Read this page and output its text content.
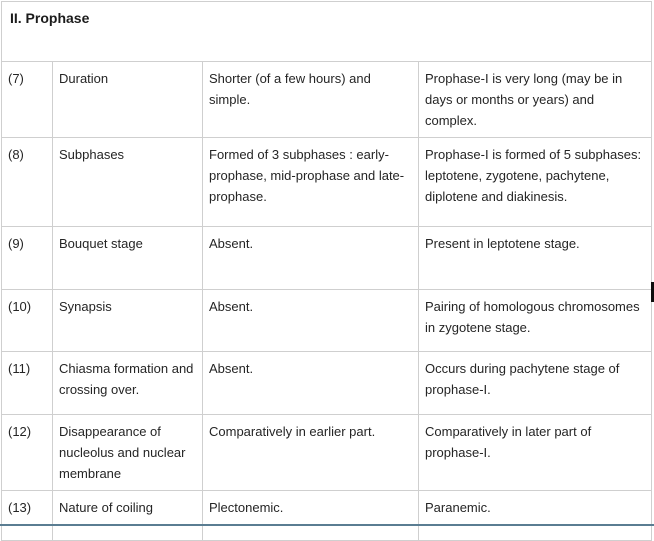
II. Prophase			
(7)	Duration	Shorter (of a few hours) and simple.	Prophase-I is very long (may be in days or months or years) and complex.
(8)	Subphases	Formed of 3 subphases : early-prophase, mid-prophase and late-prophase.	Prophase-I is formed of 5 subphases: leptotene, zygotene, pachytene, diplotene and diakinesis.
(9)	Bouquet stage	Absent.	Present in leptotene stage.
(10)	Synapsis	Absent.	Pairing of homologous chromosomes in zygotene stage.
(11)	Chiasma formation and crossing over.	Absent.	Occurs during pachytene stage of prophase-I.
(12)	Disappearance of nucleolus and nuclear membrane	Comparatively in earlier part.	Comparatively in later part of prophase-I.
(13)	Nature of coiling	Plectonemic.	Paranemic.
